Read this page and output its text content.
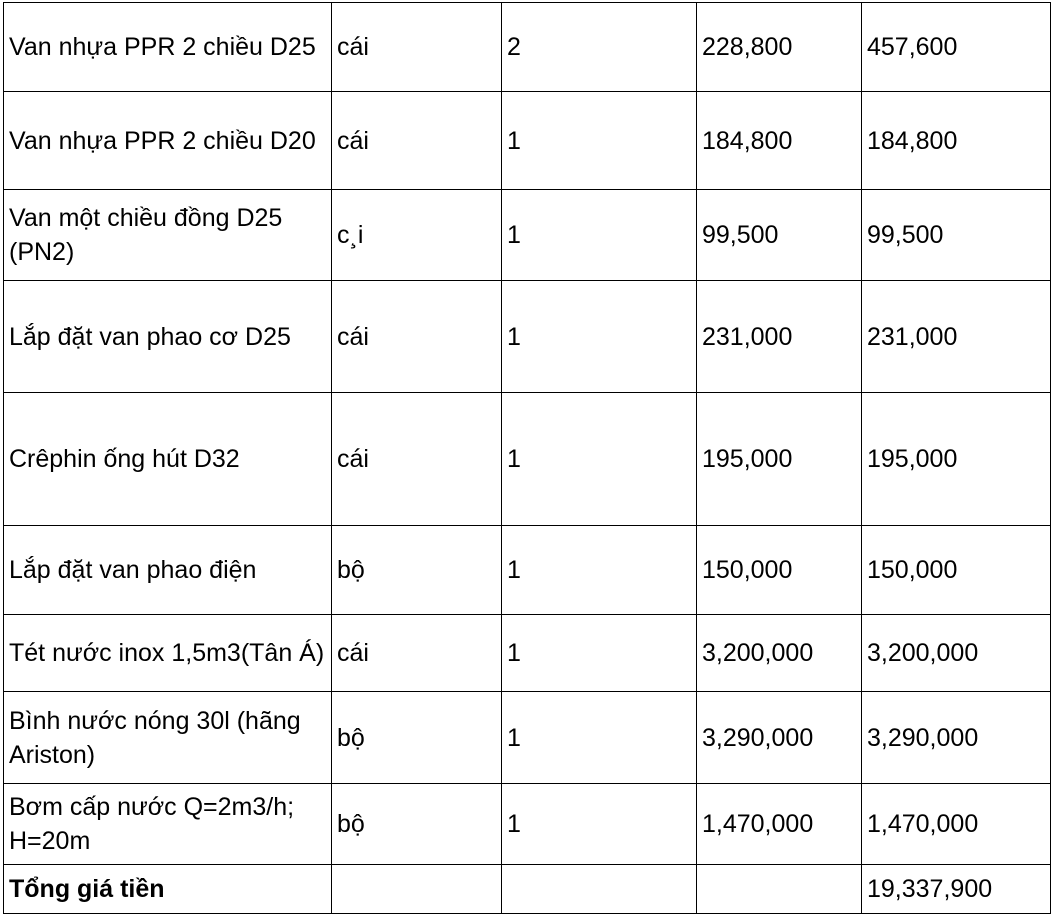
Van nhựa PPR 2 chiều D25	cái	2	228,800	457,600
Van nhựa PPR 2 chiều D20	cái	1	184,800	184,800
Van một chiều đồng D25 (PN2)	c¸i	1	99,500	99,500
Lắp đặt van phao cơ D25	cái	1	231,000	231,000
Crêphin ống hút D32	cái	1	195,000	195,000
Lắp đặt van phao điện	bộ	1	150,000	150,000
Tét nước inox 1,5m3(Tân Á)	cái	1	3,200,000	3,200,000
Bình nước nóng 30l (hãng Ariston)	bộ	1	3,290,000	3,290,000
Bơm cấp nước Q=2m3/h; H=20m	bộ	1	1,470,000	1,470,000
Tổng giá tiền				19,337,900
